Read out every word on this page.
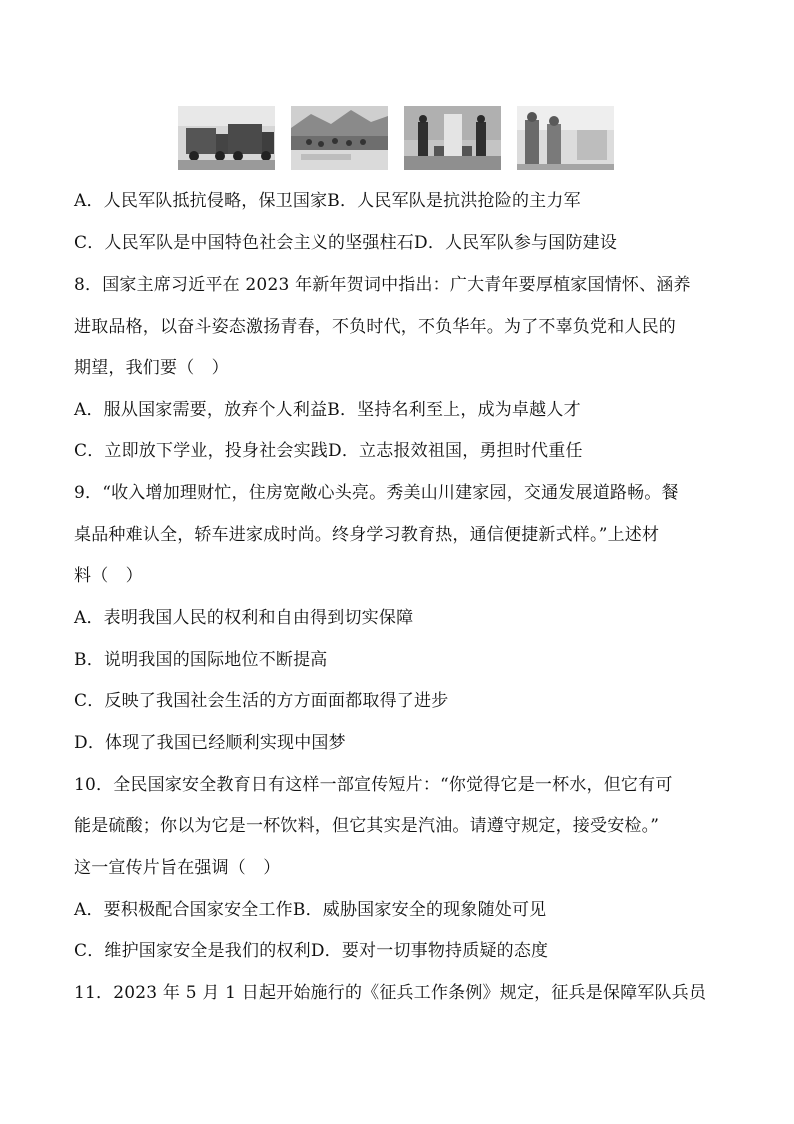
A．人民军队抵抗侵略，保卫国家B．人民军队是抗洪抢险的主力军
C．人民军队是中国特色社会主义的坚强柱石D．人民军队参与国防建设
8．国家主席习近平在 2023 年新年贺词中指出：广大青年要厚植家国情怀、涵养
进取品格，以奋斗姿态激扬青春，不负时代，不负华年。为了不辜负党和人民的
期望，我们要（　）
A．服从国家需要，放弃个人利益B．坚持名利至上，成为卓越人才
C．立即放下学业，投身社会实践D．立志报效祖国，勇担时代重任
9．“收入增加理财忙，住房宽敞心头亮。秀美山川建家园，交通发展道路畅。餐
桌品种难认全，轿车进家成时尚。终身学习教育热，通信便捷新式样。”上述材
料（　）
A．表明我国人民的权利和自由得到切实保障
B．说明我国的国际地位不断提高
C．反映了我国社会生活的方方面面都取得了进步
D．体现了我国已经顺利实现中国梦
10．全民国家安全教育日有这样一部宣传短片：“你觉得它是一杯水，但它有可
能是硫酸；你以为它是一杯饮料，但它其实是汽油。请遵守规定，接受安检。”
这一宣传片旨在强调（　）
A．要积极配合国家安全工作B．威胁国家安全的现象随处可见
C．维护国家安全是我们的权利D．要对一切事物持质疑的态度
11．2023 年 5 月 1 日起开始施行的《征兵工作条例》规定，征兵是保障军队兵员
